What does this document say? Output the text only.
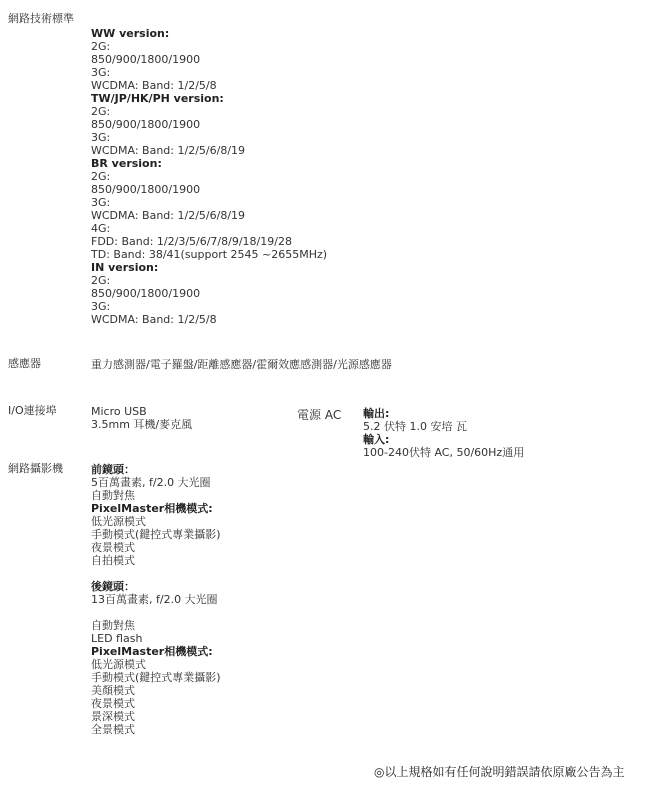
網路技術標準
WW version:
2G:
850/900/1800/1900
3G:
WCDMA: Band: 1/2/5/8
TW/JP/HK/PH version:
2G:
850/900/1800/1900
3G:
WCDMA: Band: 1/2/5/6/8/19
BR version:
2G:
850/900/1800/1900
3G:
WCDMA: Band: 1/2/5/6/8/19
4G:
FDD: Band: 1/2/3/5/6/7/8/9/18/19/28
TD: Band: 38/41(support 2545 ~2655MHz)
IN version:
2G:
850/900/1800/1900
3G:
WCDMA: Band: 1/2/5/8
感應器	重力感測器/電子羅盤/距離感應器/霍爾效應感測器/光源感應器
I/O連接埠	Micro USB
3.5mm 耳機/麥克風
電源 AC 輸出:
5.2 伏特 1.0 安培 瓦
輸入:
100-240伏特 AC, 50/60Hz通用
網路攝影機	前鏡頭：
5百萬畫素, f/2.0 大光圈
自動對焦
PixelMaster相機模式:
低光源模式
手動模式(鍵控式專業攝影)
夜景模式
自拍模式
後鏡頭：
13百萬畫素, f/2.0 大光圈
自動對焦
LED flash
PixelMaster相機模式:
低光源模式
手動模式(鍵控式專業攝影)
美顏模式
夜景模式
景深模式
全景模式
◎以上規格如有任何說明錯誤請依原廠公告為主
